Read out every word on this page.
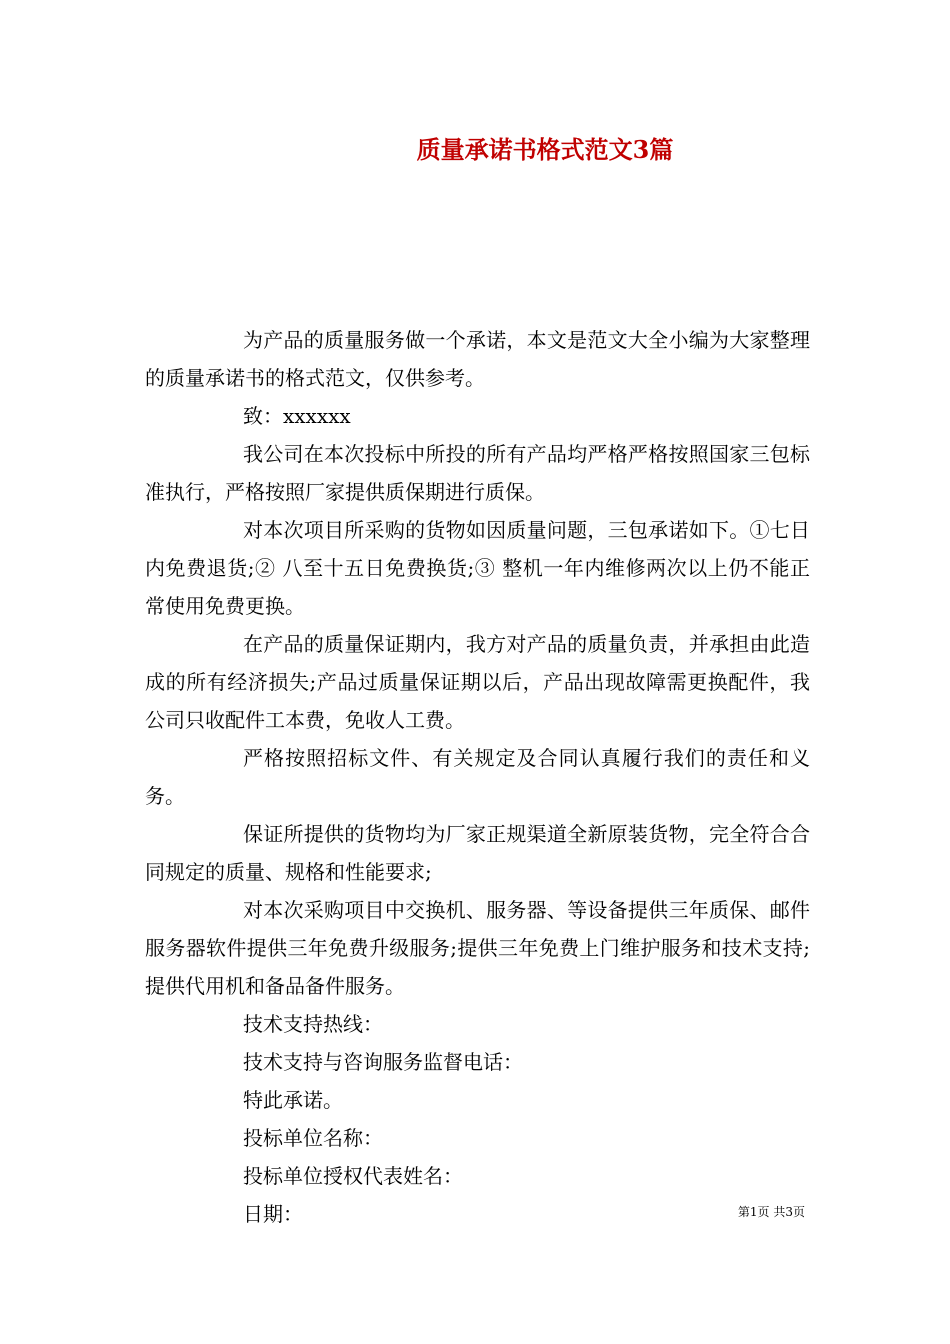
质量承诺书格式范文3篇

为产品的质量服务做一个承诺，本文是范文大全小编为大家整理的质量承诺书的格式范文，仅供参考。

致：xxxxxx

我公司在本次投标中所投的所有产品均严格严格按照国家三包标准执行，严格按照厂家提供质保期进行质保。

对本次项目所采购的货物如因质量问题，三包承诺如下。①七日内免费退货;② 八至十五日免费换货;③ 整机一年内维修两次以上仍不能正常使用免费更换。

在产品的质量保证期内，我方对产品的质量负责，并承担由此造成的所有经济损失;产品过质量保证期以后，产品出现故障需更换配件，我公司只收配件工本费，免收人工费。

严格按照招标文件、有关规定及合同认真履行我们的责任和义务。

保证所提供的货物均为厂家正规渠道全新原装货物，完全符合合同规定的质量、规格和性能要求;

对本次采购项目中交换机、服务器、等设备提供三年质保、邮件服务器软件提供三年免费升级服务;提供三年免费上门维护服务和技术支持;提供代用机和备品备件服务。

技术支持热线：

技术支持与咨询服务监督电话：

特此承诺。

投标单位名称：

投标单位授权代表姓名：

日期：	第1页 共3页
